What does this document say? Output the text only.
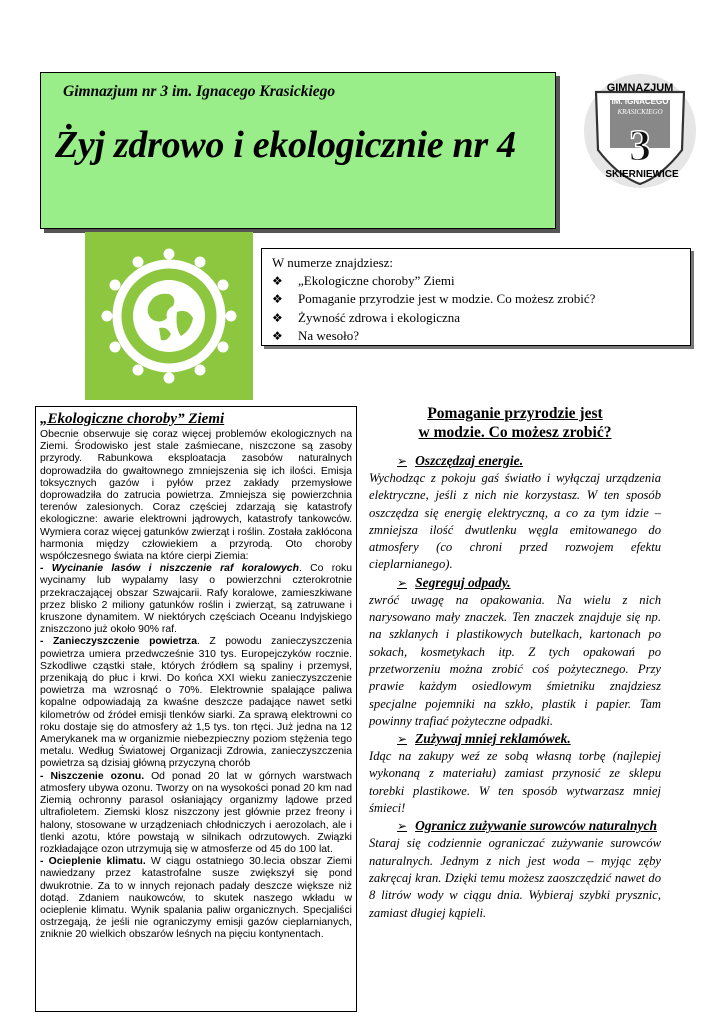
Gimnazjum nr 3 im. Ignacego Krasickiego
Żyj zdrowo i ekologicznie nr 4
GIMNAZJUM
IM. IGNACEGO
KRASICKIEGO
3
SKIERNIEWICE
W numerze znajdziesz:
❖	„Ekologiczne choroby” Ziemi
❖	Pomaganie przyrodzie jest w modzie. Co możesz zrobić?
❖	Żywność zdrowa i ekologiczna
❖	Na wesoło?
„Ekologiczne choroby” Ziemi

Obecnie obserwuje się coraz więcej problemów ekologicznych na Ziemi. Środowisko jest stale zaśmiecane, niszczone są zasoby przyrody. Rabunkowa eksploatacja zasobów naturalnych doprowadziła do gwałtownego zmniejszenia się ich ilości. Emisja toksycznych gazów i pyłów przez zakłady przemysłowe doprowadziła do zatrucia powietrza. Zmniejsza się powierzchnia terenów zalesionych. Coraz częściej zdarzają się katastrofy ekologiczne: awarie elektrowni jądrowych, katastrofy tankowców. Wymiera coraz więcej gatunków zwierząt i roślin. Została zakłócona harmonia między człowiekiem a przyrodą. Oto choroby współczesnego świata na które cierpi Ziemia:

- Wycinanie lasów i niszczenie raf koralowych. Co roku wycinamy lub wypalamy lasy o powierzchni czterokrotnie przekraczającej obszar Szwajcarii. Rafy koralowe, zamieszkiwane przez blisko 2 miliony gatunków roślin i zwierząt, są zatruwane i kruszone dynamitem. W niektórych częściach Oceanu Indyjskiego zniszczono już około 90% raf.

- Zanieczyszczenie powietrza. Z powodu zanieczyszczenia powietrza umiera przedwcześnie 310 tys. Europejczyków rocznie. Szkodliwe cząstki stałe, których źródłem są spaliny i przemysł, przenikają do płuc i krwi. Do końca XXI wieku zanieczyszczenie powietrza ma wzrosnąć o 70%. Elektrownie spalające paliwa kopalne odpowiadają za kwaśne deszcze padające nawet setki kilometrów od źródeł emisji tlenków siarki. Za sprawą elektrowni co roku dostaje się do atmosfery aż 1,5 tys. ton rtęci. Już jedna na 12 Amerykanek ma w organizmie niebezpieczny poziom stężenia tego metalu. Według Światowej Organizacji Zdrowia, zanieczyszczenia powietrza są dzisiaj główną przyczyną chorób

- Niszczenie ozonu. Od ponad 20 lat w górnych warstwach atmosfery ubywa ozonu. Tworzy on na wysokości ponad 20 km nad Ziemią ochronny parasol osłaniający organizmy lądowe przed ultrafioletem. Ziemski klosz niszczony jest głównie przez freony i halony, stosowane w urządzeniach chłodniczych i aerozolach, ale i tlenki azotu, które powstają w silnikach odrzutowych. Związki rozkładające ozon utrzymują się w atmosferze od 45 do 100 lat.

- Ocieplenie klimatu. W ciągu ostatniego 30.lecia obszar Ziemi nawiedzany przez katastrofalne susze zwiększył się pond dwukrotnie. Za to w innych rejonach padały deszcze większe niż dotąd. Zdaniem naukowców, to skutek naszego wkładu w ocieplenie klimatu. Wynik spalania paliw organicznych. Specjaliści ostrzegają, że jeśli nie ograniczymy emisji gazów cieplarnianych, zniknie 20 wielkich obszarów leśnych na pięciu kontynentach.

Pomaganie przyrodzie jest
w modzie. Co możesz zrobić?
➢ Oszczędzaj energie .

Wychodząc z pokoju gaś światło i wyłączaj urządzenia elektryczne, jeśli z nich nie korzystasz. W ten sposób oszczędza się energię elektryczną, a co za tym idzie – zmniejsza ilość dwutlenku węgla emitowanego do atmosfery (co chroni przed rozwojem efektu cieplarnianego).

➢ Segreguj odpady.

zwróć uwagę na opakowania. Na wielu z nich narysowano mały znaczek. Ten znaczek znajduje się np. na szklanych i plastikowych butelkach, kartonach po sokach, kosmetykach itp. Z tych opakowań po przetworzeniu można zrobić coś pożytecznego. Przy prawie każdym osiedlowym śmietniku znajdziesz specjalne pojemniki na szkło, plastik i papier. Tam powinny trafiać pożyteczne odpadki.

➢ Zużywaj mniej reklamówek.

Idąc na zakupy weź ze sobą własną torbę (najlepiej wykonaną z materiału) zamiast przynosić ze sklepu torebki plastikowe. W ten sposób wytwarzasz mniej śmieci!

➢ Ogranicz zużywanie surowców naturalnych

Staraj się codziennie ograniczać zużywanie surowców naturalnych. Jednym z nich jest woda – myjąc zęby zakręcaj kran. Dzięki temu możesz zaoszczędzić nawet do 8 litrów wody w ciągu dnia. Wybieraj szybki prysznic, zamiast długiej kąpieli.
